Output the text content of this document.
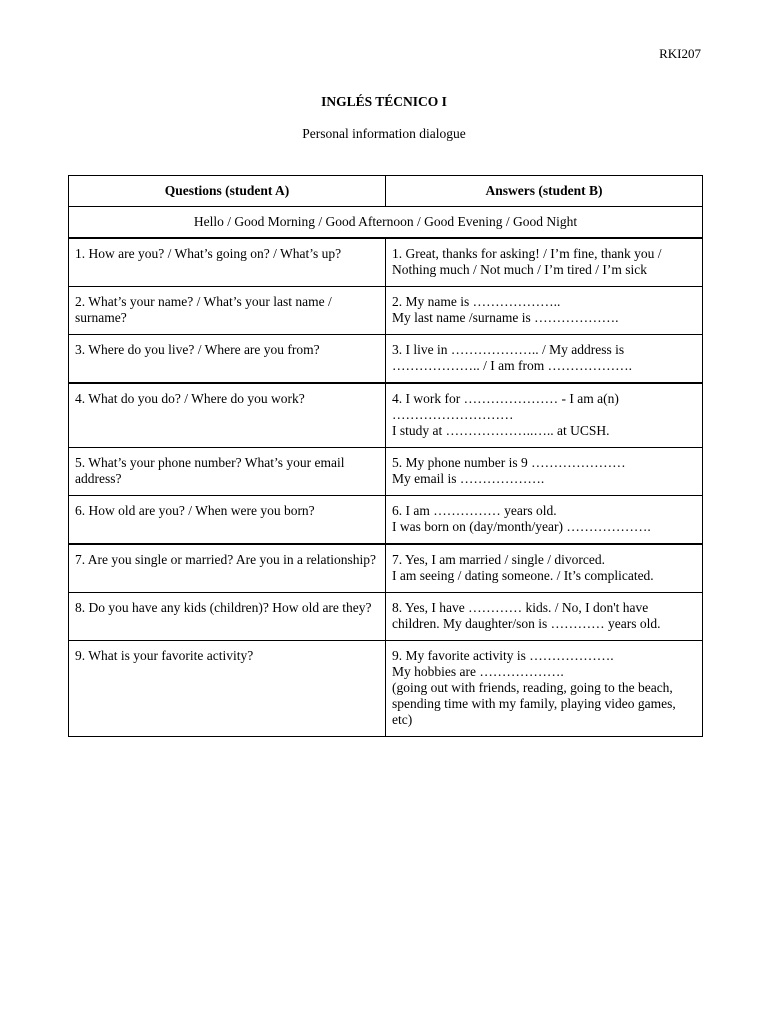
RKI207
INGLÉS TÉCNICO I
Personal information dialogue
Questions (student A)	Answers (student B)
Hello / Good Morning / Good Afternoon / Good Evening / Good Night	
1. How are you? / What’s going on? / What’s up?	1. Great, thanks for asking! / I’m fine, thank you / Nothing much / Not much / I’m tired / I’m sick

2. What’s your name? / What’s your last name / surname?	2. My name is ………………..
My last name /surname is ……………….

3. Where do you live? / Where are you from?	3. I live in ……………….. / My address is ……………….. / I am from ……………….

4. What do you do? / Where do you work?	4. I work for ………………… - I am a(n) ………………………
I study at ………………..….. at UCSH.

5. What’s your phone number? What’s your email address?	5. My phone number is 9 …………………
My email is ……………….

6. How old are you? / When were you born?	6. I am …………… years old.
I was born on (day/month/year) ……………….

7. Are you single or married? Are you in a relationship?	7. Yes, I am married / single / divorced.
I am seeing / dating someone. / It’s complicated.

8. Do you have any kids (children)? How old are they?	8. Yes, I have ………… kids. / No, I don't have children. My daughter/son is ………… years old.

9. What is your favorite activity?	9. My favorite activity is ……………….
My hobbies are ……………….
(going out with friends, reading, going to the beach, spending time with my family, playing video games, etc)
